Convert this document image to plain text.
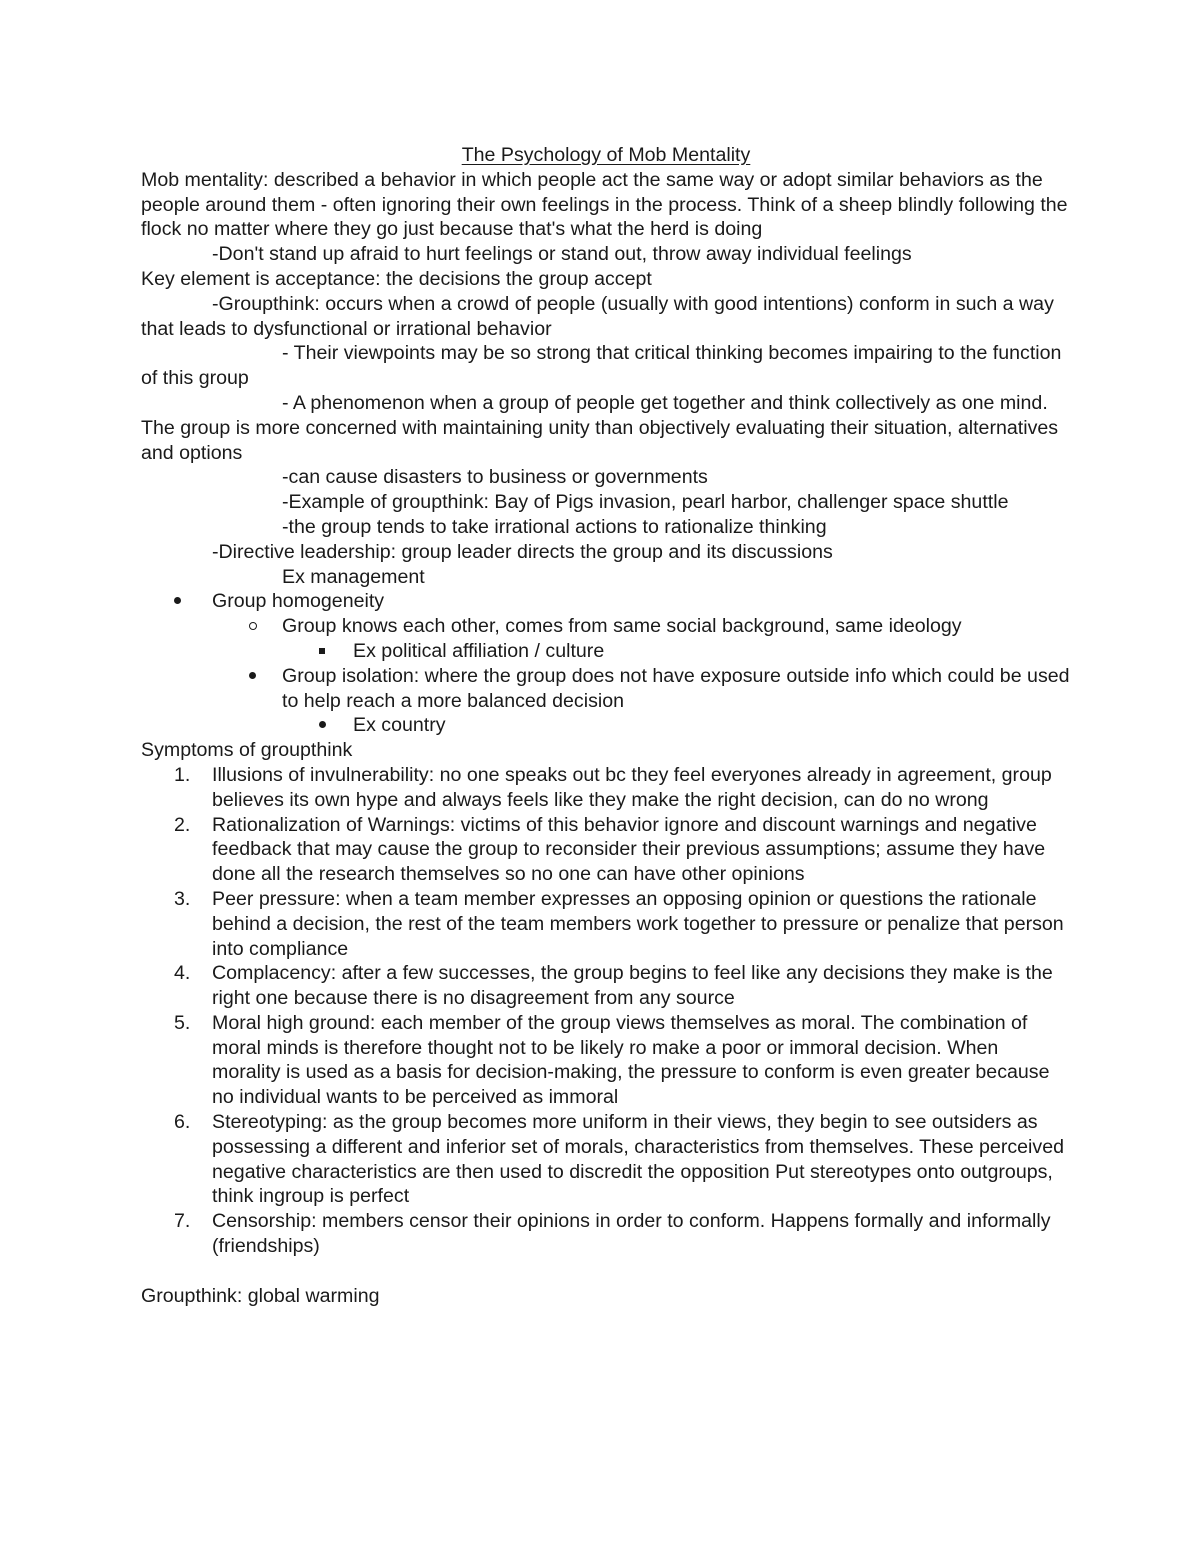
The Psychology of Mob Mentality

Mob mentality: described a behavior in which people act the same way or adopt similar behaviors as the people around them - often ignoring their own feelings in the process. Think of a sheep blindly following the flock no matter where they go just because that's what the herd is doing

-Don't stand up afraid to hurt feelings or stand out, throw away individual feelings

Key element is acceptance: the decisions the group accept

-Groupthink: occurs when a crowd of people (usually with good intentions) conform in such a way that leads to dysfunctional or irrational behavior

- Their viewpoints may be so strong that critical thinking becomes impairing to the function of this group

- A phenomenon when a group of people get together and think collectively as one mind. The group is more concerned with maintaining unity than objectively evaluating their situation, alternatives and options

-can cause disasters to business or governments

-Example of groupthink: Bay of Pigs invasion, pearl harbor, challenger space shuttle

-the group tends to take irrational actions to rationalize thinking

-Directive leadership: group leader directs the group and its discussions

Ex management

Group homogeneity
Group knows each other, comes from same social background, same ideology
Ex political affiliation / culture
Group isolation: where the group does not have exposure outside info which could be used to help reach a more balanced decision
Ex country

Symptoms of groupthink

1. Illusions of invulnerability: no one speaks out bc they feel everyones already in agreement, group believes its own hype and always feels like they make the right decision, can do no wrong
2. Rationalization of Warnings: victims of this behavior ignore and discount warnings and negative feedback that may cause the group to reconsider their previous assumptions; assume they have done all the research themselves so no one can have other opinions
3. Peer pressure: when a team member expresses an opposing opinion or questions the rationale behind a decision, the rest of the team members work together to pressure or penalize that person into compliance
4. Complacency: after a few successes, the group begins to feel like any decisions they make is the right one because there is no disagreement from any source
5. Moral high ground: each member of the group views themselves as moral. The combination of moral minds is therefore thought not to be likely ro make a poor or immoral decision. When morality is used as a basis for decision-making, the pressure to conform is even greater because no individual wants to be perceived as immoral
6. Stereotyping: as the group becomes more uniform in their views, they begin to see outsiders as possessing a different and inferior set of morals, characteristics from themselves. These perceived negative characteristics are then used to discredit the opposition Put stereotypes onto outgroups, think ingroup is perfect
7. Censorship: members censor their opinions in order to conform. Happens formally and informally (friendships)

Groupthink: global warming
